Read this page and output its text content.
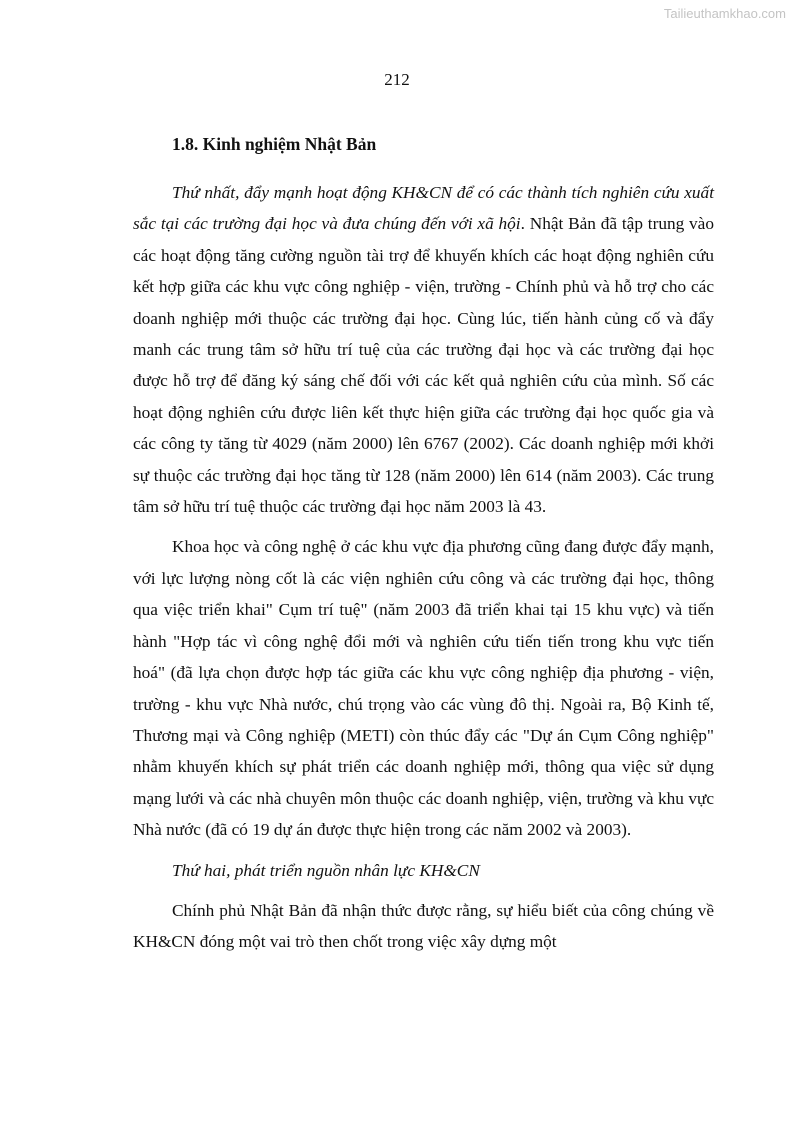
Tailieuthamkhao.com
212
1.8. Kinh nghiệm Nhật Bản

Thứ nhất, đẩy mạnh hoạt động KH&CN để có các thành tích nghiên cứu xuất sắc tại các trường đại học và đưa chúng đến với xã hội. Nhật Bản đã tập trung vào các hoạt động tăng cường nguồn tài trợ để khuyến khích các hoạt động nghiên cứu kết hợp giữa các khu vực công nghiệp - viện, trường - Chính phủ và hỗ trợ cho các doanh nghiệp mới thuộc các trường đại học. Cùng lúc, tiến hành củng cố và đẩy manh các trung tâm sở hữu trí tuệ của các trường đại học và các trường đại học được hỗ trợ để đăng ký sáng chế đối với các kết quả nghiên cứu của mình. Số các hoạt động nghiên cứu được liên kết thực hiện giữa các trường đại học quốc gia và các công ty tăng từ 4029 (năm 2000) lên 6767 (2002). Các doanh nghiệp mới khởi sự thuộc các trường đại học tăng từ 128 (năm 2000) lên 614 (năm 2003). Các trung tâm sở hữu trí tuệ thuộc các trường đại học năm 2003 là 43.

Khoa học và công nghệ ở các khu vực địa phương cũng đang được đẩy mạnh, với lực lượng nòng cốt là các viện nghiên cứu công và các trường đại học, thông qua việc triển khai" Cụm trí tuệ" (năm 2003 đã triển khai tại 15 khu vực) và tiến hành "Hợp tác vì công nghệ đổi mới và nghiên cứu tiến tiến trong khu vực tiến hoá" (đã lựa chọn được hợp tác giữa các khu vực công nghiệp địa phương - viện, trường - khu vực Nhà nước, chú trọng vào các vùng đô thị. Ngoài ra, Bộ Kinh tế, Thương mại và Công nghiệp (METI) còn thúc đẩy các "Dự án Cụm Công nghiệp" nhằm khuyến khích sự phát triển các doanh nghiệp mới, thông qua việc sử dụng mạng lưới và các nhà chuyên môn thuộc các doanh nghiệp, viện, trường và khu vực Nhà nước (đã có 19 dự án được thực hiện trong các năm 2002 và 2003).

Thứ hai, phát triển nguồn nhân lực KH&CN

Chính phủ Nhật Bản đã nhận thức được rằng, sự hiểu biết của công chúng về KH&CN đóng một vai trò then chốt trong việc xây dựng một
